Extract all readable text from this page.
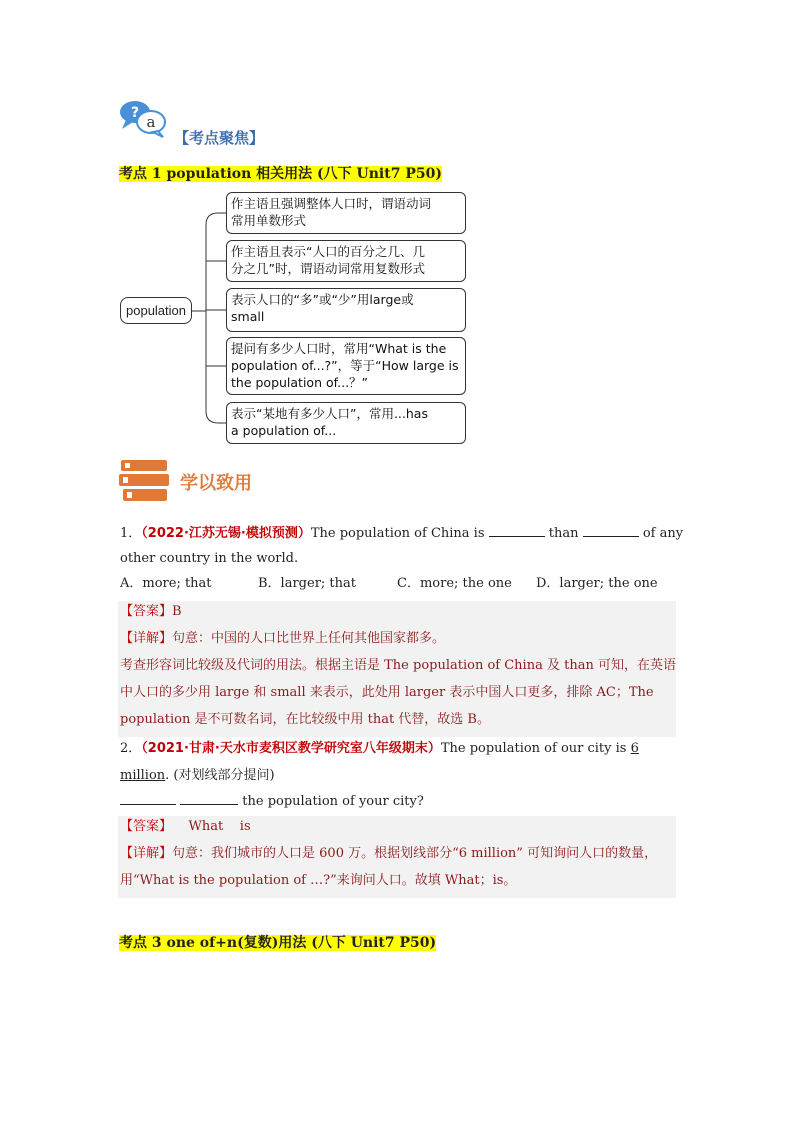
? a
【考点聚焦】
考点 1 population 相关用法 (八下 Unit7 P50)
population
作主语且强调整体人口时，谓语动词
常用单数形式
作主语且表示“人口的百分之几、几
分之几”时，谓语动词常用复数形式
表示人口的“多”或“少”用large或
small
提问有多少人口时，常用“What is the
population of...?”，等于“How large is
the population of...？”
表示“某地有多少人口”，常用...has
a population of...
学以致用
1．（2022·江苏无锡·模拟预测）The population of China is	than	of any
other country in the world.
A．more; that	B．larger; that	C．more; the one D．larger; the one
【答案】B
【详解】句意：中国的人口比世界上任何其他国家都多。
考查形容词比较级及代词的用法。根据主语是 The population of China 及 than 可知，在英语
中人口的多少用 large 和 small 来表示，此处用 larger 表示中国人口更多，排除 AC；The
population 是不可数名词，在比较级中用 that 代替，故选 B。
2．（2021·甘肃·天水市麦积区教学研究室八年级期末）The population of our city is 6
million. (对划线部分提问)
the population of your city?
【答案】 What    is
【详解】句意：我们城市的人口是 600 万。根据划线部分“6 million” 可知询问人口的数量，
用“What is the population of …?”来询问人口。故填 What；is。
考点 3 one of+n(复数)用法 (八下 Unit7 P50)
